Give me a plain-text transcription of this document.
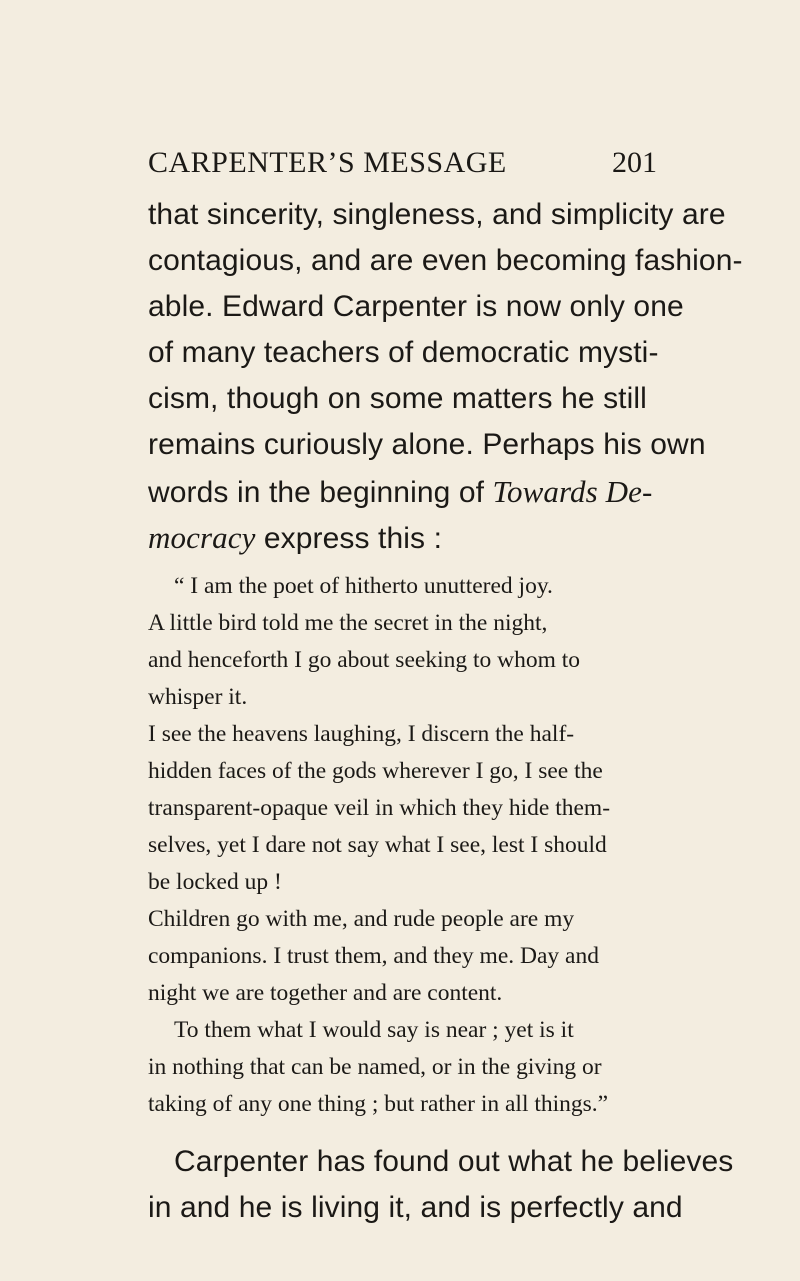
CARPENTER’S MESSAGE	201
that sincerity, singleness, and simplicity are
contagious, and are even becoming fashion-
able. Edward Carpenter is now only one
of many teachers of democratic mysti-
cism, though on some matters he still
remains curiously alone. Perhaps his own
words in the beginning of Towards De-
mocracy express this :
“ I am the poet of hitherto unuttered joy.
A little bird told me the secret in the night,
and henceforth I go about seeking to whom to
whisper it.
I see the heavens laughing, I discern the half-
hidden faces of the gods wherever I go, I see the
transparent-opaque veil in which they hide them-
selves, yet I dare not say what I see, lest I should
be locked up !
Children go with me, and rude people are my
companions. I trust them, and they me. Day and
night we are together and are content.
To them what I would say is near ; yet is it
in nothing that can be named, or in the giving or
taking of any one thing ; but rather in all things.”
Carpenter has found out what he believes
in and he is living it, and is perfectly and
